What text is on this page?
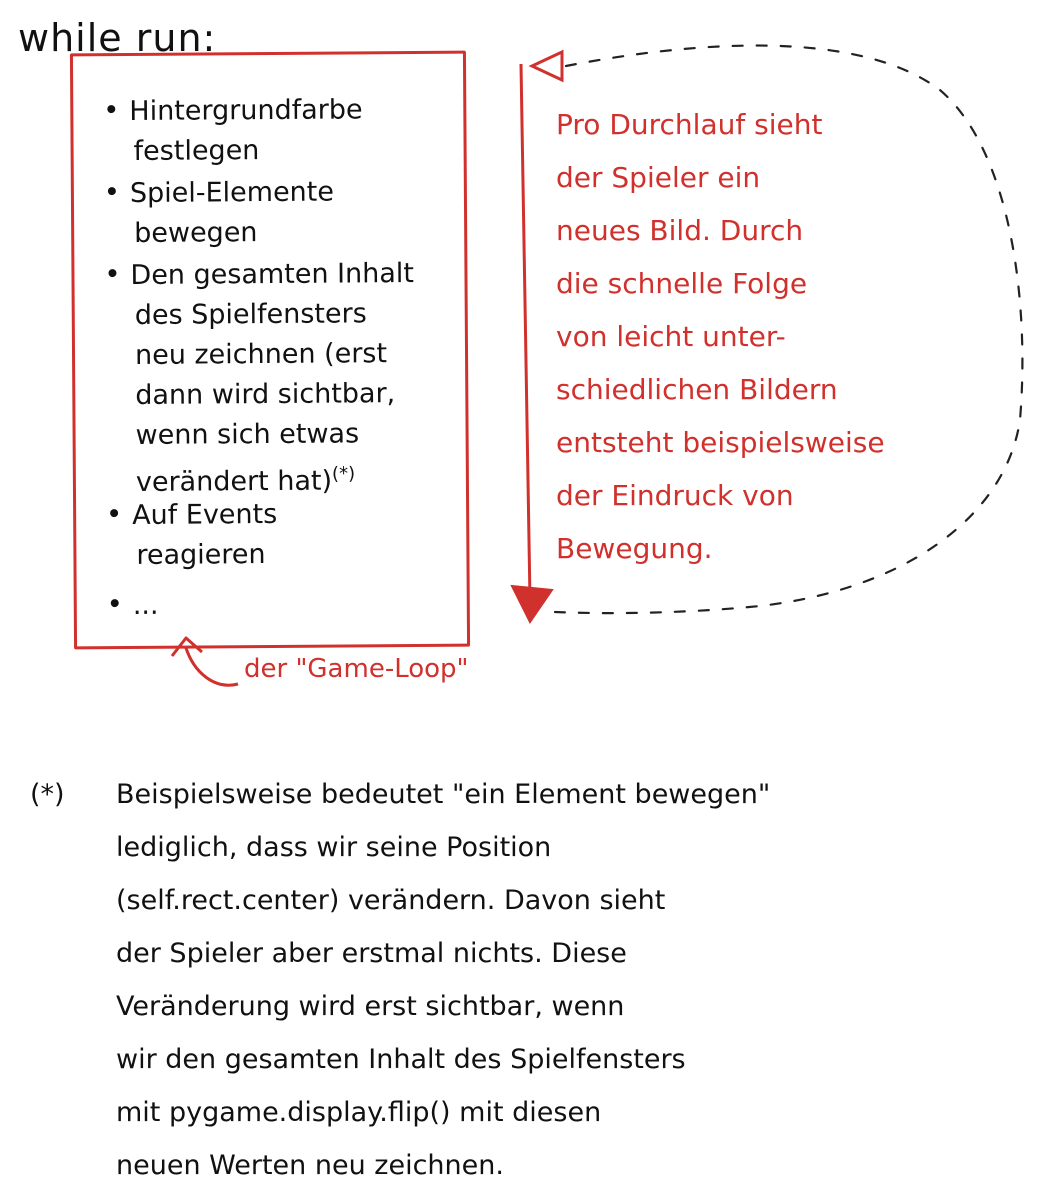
while run:
Hintergrundfarbe
festlegen
Spiel-Elemente
bewegen
Den gesamten Inhalt
des Spielfensters
neu zeichnen (erst
dann wird sichtbar,
wenn sich etwas
verändert hat)(*)
Auf Events
reagieren
...
Pro Durchlauf sieht
der Spieler ein
neues Bild. Durch
die schnelle Folge
von leicht unter-
schiedlichen Bildern
entsteht beispielsweise
der Eindruck von
Bewegung.
der "Game-Loop"
(*)	Beispielsweise bedeutet "ein Element bewegen"
lediglich, dass wir seine Position
(self.rect.center) verändern. Davon sieht
der Spieler aber erstmal nichts. Diese
Veränderung wird erst sichtbar, wenn
wir den gesamten Inhalt des Spielfensters
mit pygame.display.flip() mit diesen
neuen Werten neu zeichnen.
